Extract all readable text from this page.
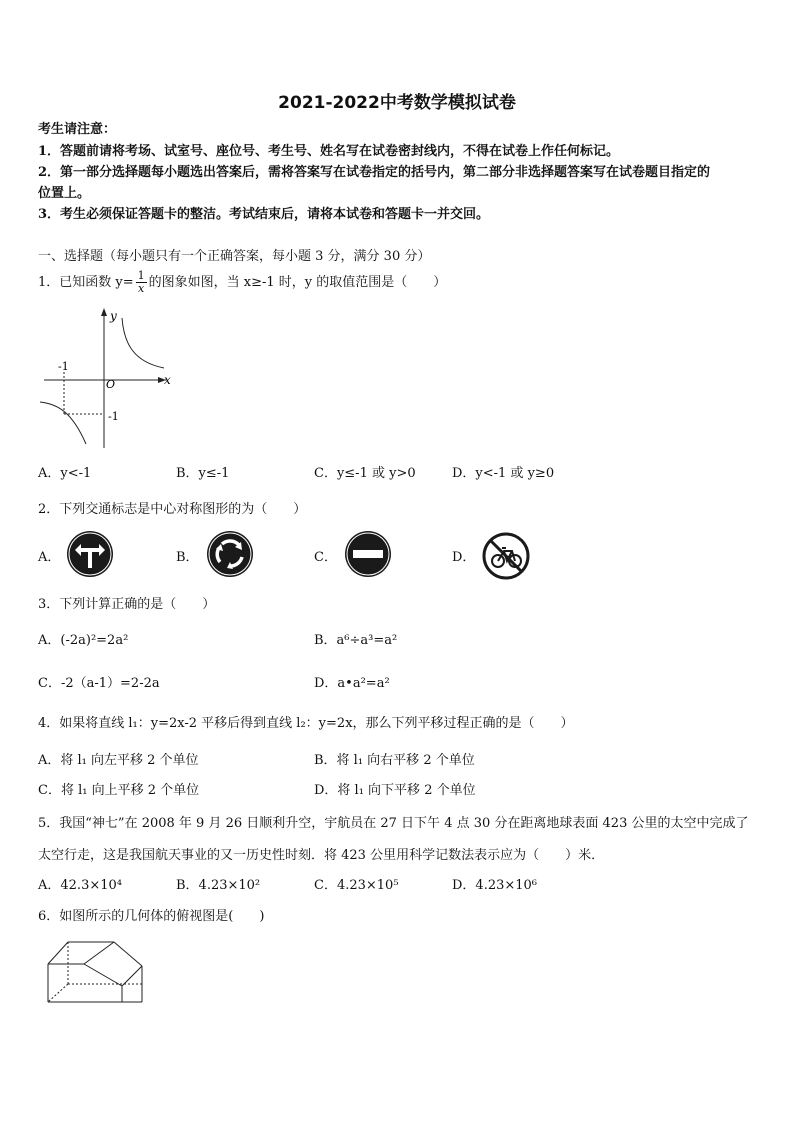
2021-2022中考数学模拟试卷
考生请注意：
1．答题前请将考场、试室号、座位号、考生号、姓名写在试卷密封线内，不得在试卷上作任何标记。
2．第一部分选择题每小题选出答案后，需将答案写在试卷指定的括号内，第二部分非选择题答案写在试卷题目指定的
位置上。
3．考生必须保证答题卡的整洁。考试结束后，请将本试卷和答题卡一并交回。
一、选择题（每小题只有一个正确答案，每小题 3 分，满分 30 分）
1．已知函数 $y= \frac{1}{x}$ 的图象如图，当 x≥-1 时，y 的取值范围是（　　）
y
x
O
-1
-1
A．y<-1	B．y≤-1	C．y≤-1 或 y>0	D．y<-1 或 y≥0
2．下列交通标志是中心对称图形的为（　　）
A．	B．	C．	D．
3．下列计算正确的是（　　）
A．(-2a)²=2a²	B．a⁶÷a³=a²
C．-2（a-1）=2-2a	D．a•a²=a²
4．如果将直线 l₁：y=2x-2 平移后得到直线 l₂：y=2x，那么下列平移过程正确的是（　　）
A．将 l₁ 向左平移 2 个单位	B．将 l₁ 向右平移 2 个单位
C．将 l₁ 向上平移 2 个单位	D．将 l₁ 向下平移 2 个单位
5．我国“神七”在 2008 年 9 月 26 日顺利升空，宇航员在 27 日下午 4 点 30 分在距离地球表面 423 公里的太空中完成了
太空行走，这是我国航天事业的又一历史性时刻．将 423 公里用科学记数法表示应为（　　）米．
A．42.3×10⁴	B．4.23×10²	C．4.23×10⁵	D．4.23×10⁶
6．如图所示的几何体的俯视图是(　　)
